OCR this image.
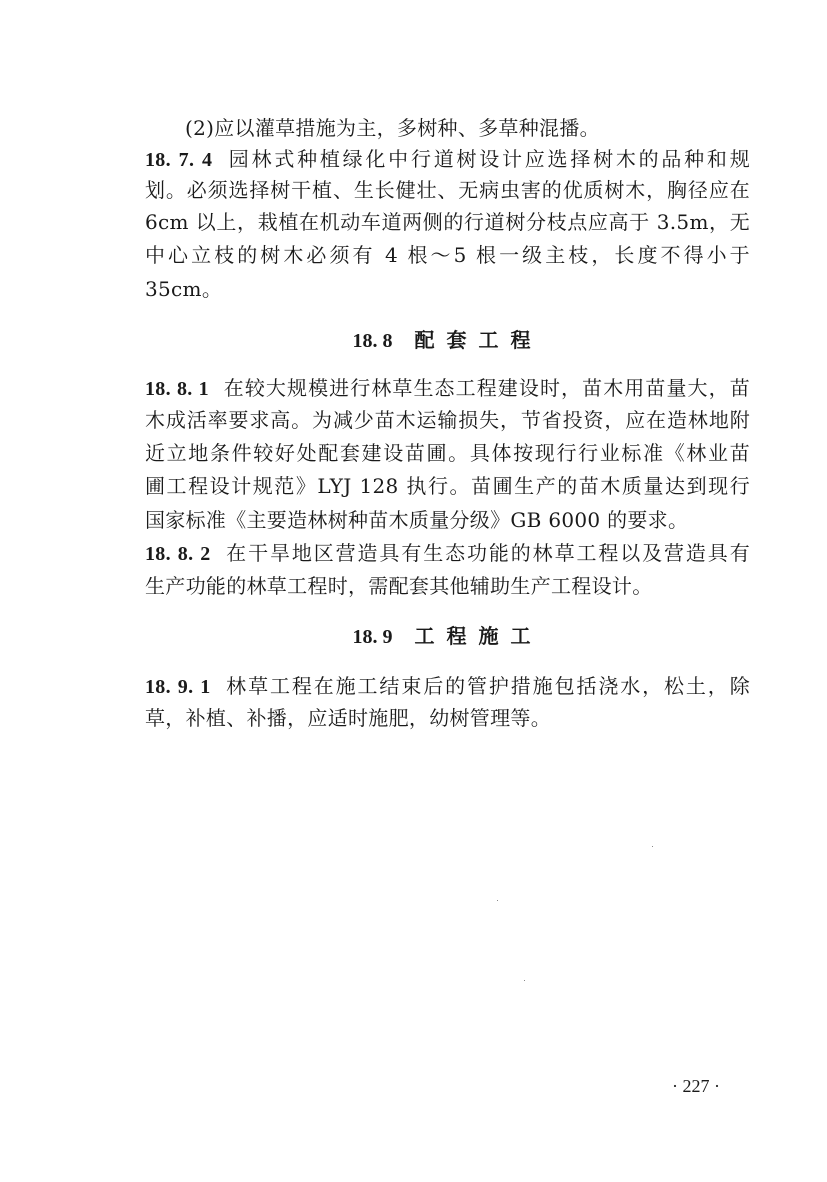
(2)应以灌草措施为主，多树种、多草种混播。
18. 7. 4 园林式种植绿化中行道树设计应选择树木的品种和规
划。必须选择树干植、生长健壮、无病虫害的优质树木，胸径应在
6cm 以上，栽植在机动车道两侧的行道树分枝点应高于 3.5m，无
中心立枝的树木必须有 4 根～5 根一级主枝，长度不得小于
35cm。
18. 8 配套工程
18. 8. 1 在较大规模进行林草生态工程建设时，苗木用苗量大，苗
木成活率要求高。为减少苗木运输损失，节省投资，应在造林地附
近立地条件较好处配套建设苗圃。具体按现行行业标准《林业苗
圃工程设计规范》LYJ 128 执行。苗圃生产的苗木质量达到现行
国家标准《主要造林树种苗木质量分级》GB 6000 的要求。
18. 8. 2 在干旱地区营造具有生态功能的林草工程以及营造具有
生产功能的林草工程时，需配套其他辅助生产工程设计。
18. 9 工程施工
18. 9. 1 林草工程在施工结束后的管护措施包括浇水，松土，除
草，补植、补播，应适时施肥，幼树管理等。
· 227 ·
